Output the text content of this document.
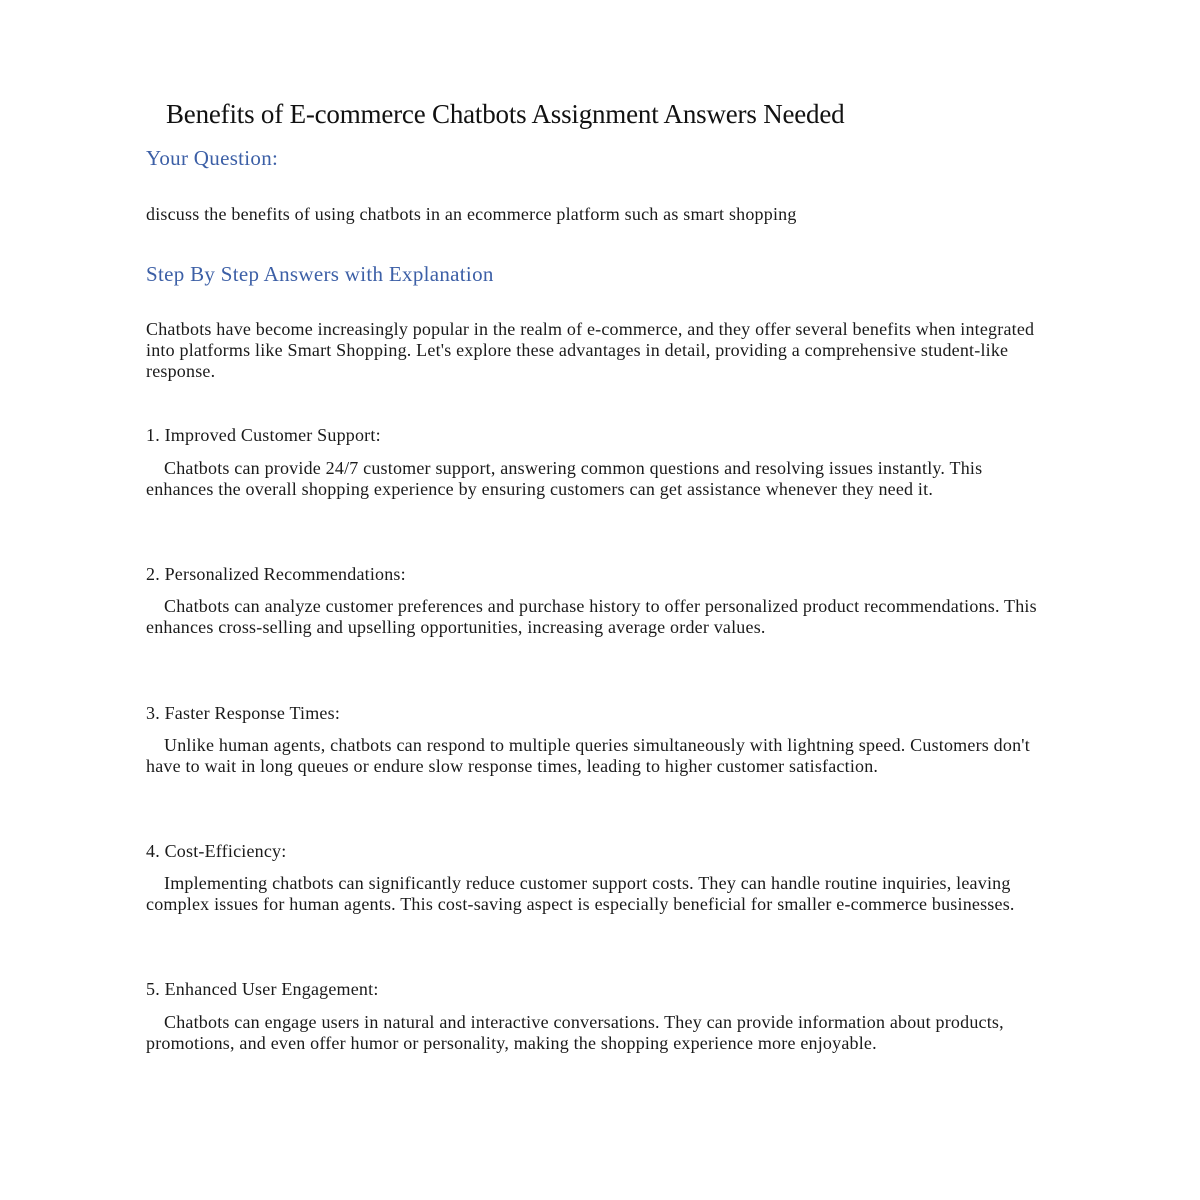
Benefits of E-commerce Chatbots Assignment Answers Needed
Your Question:

discuss the benefits of using chatbots in an ecommerce platform such as smart shopping

Step By Step Answers with Explanation

Chatbots have become increasingly popular in the realm of e-commerce, and they offer several benefits when integrated into platforms like Smart Shopping. Let's explore these advantages in detail, providing a comprehensive student-like response.

1. Improved Customer Support:

Chatbots can provide 24/7 customer support, answering common questions and resolving issues instantly. This enhances the overall shopping experience by ensuring customers can get assistance whenever they need it.

2. Personalized Recommendations:

Chatbots can analyze customer preferences and purchase history to offer personalized product recommendations. This enhances cross-selling and upselling opportunities, increasing average order values.

3. Faster Response Times:

Unlike human agents, chatbots can respond to multiple queries simultaneously with lightning speed. Customers don't have to wait in long queues or endure slow response times, leading to higher customer satisfaction.

4. Cost-Efficiency:

Implementing chatbots can significantly reduce customer support costs. They can handle routine inquiries, leaving complex issues for human agents. This cost-saving aspect is especially beneficial for smaller e-commerce businesses.

5. Enhanced User Engagement:

Chatbots can engage users in natural and interactive conversations. They can provide information about products, promotions, and even offer humor or personality, making the shopping experience more enjoyable.
